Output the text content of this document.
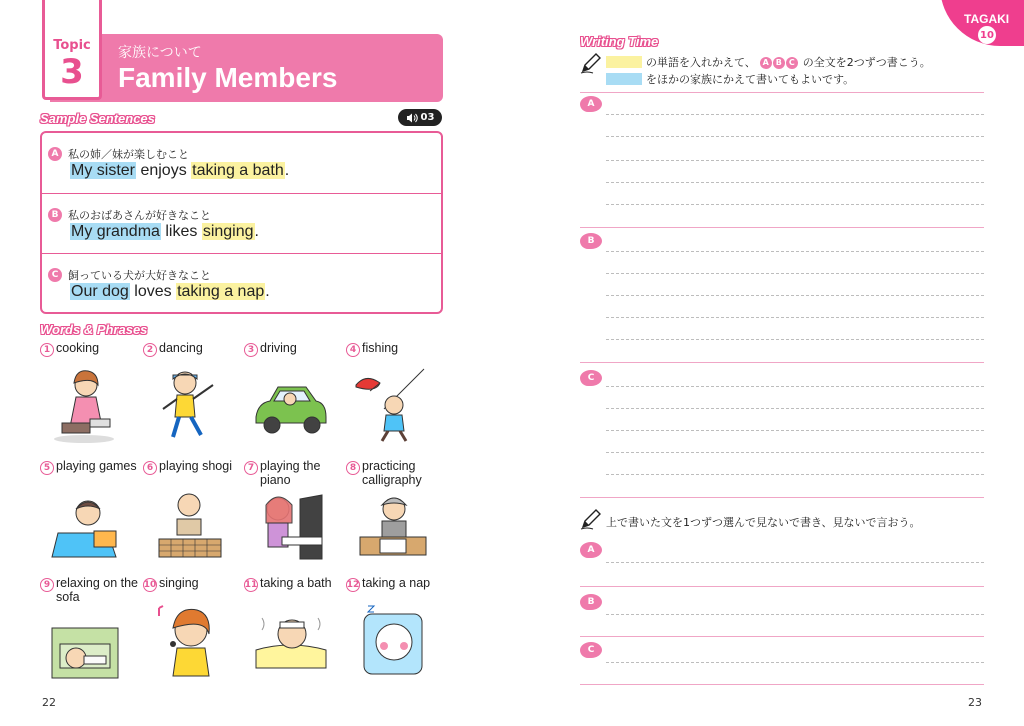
家族について
Family Members
Topic
3
Sample Sentences	03
A 私の姉／妹が楽しむこと
My sister enjoys taking a bath.
B 私のおばあさんが好きなこと
My grandma likes singing.
C 飼っている犬が大好きなこと
Our dog loves taking a nap.
Words & Phrases
1 cooking	2 dancing	3 driving	4 fishing
5 playing games	6 playing shogi	7 playing the piano
8 practicing calligraphy
9 relaxing on the sofa
10 singing	11 taking a bath	12 taking a nap
22
TAGAKI
10
Writing Time
の単語を入れかえて、 A B C の全文を2つずつ書こう。
をほかの家族にかえて書いてもよいです。
A
B
C
上で書いた文を1つずつ選んで見ないで書き、見ないで言おう。
A
B
C
23
